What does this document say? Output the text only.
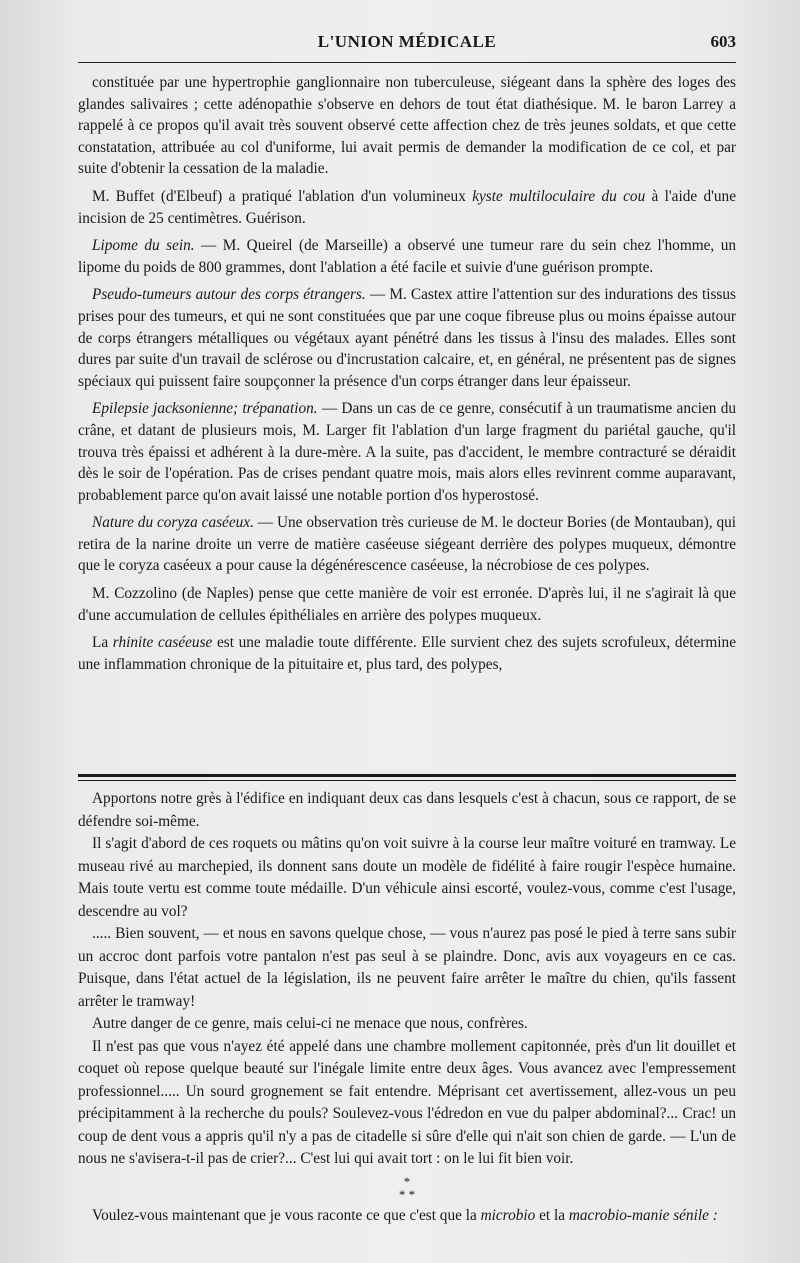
L'UNION MÉDICALE	603

constituée par une hypertrophie ganglionnaire non tuberculeuse, siégeant dans la sphère des loges des glandes salivaires ; cette adénopathie s'observe en dehors de tout état diathésique. M. le baron Larrey a rappelé à ce propos qu'il avait très souvent observé cette affection chez de très jeunes soldats, et que cette constatation, attribuée au col d'uniforme, lui avait permis de demander la modification de ce col, et par suite d'obtenir la cessation de la maladie.

M. Buffet (d'Elbeuf) a pratiqué l'ablation d'un volumineux kyste multiloculaire du cou à l'aide d'une incision de 25 centimètres. Guérison.

Lipome du sein. — M. Queirel (de Marseille) a observé une tumeur rare du sein chez l'homme, un lipome du poids de 800 grammes, dont l'ablation a été facile et suivie d'une guérison prompte.

Pseudo-tumeurs autour des corps étrangers. — M. Castex attire l'attention sur des indurations des tissus prises pour des tumeurs, et qui ne sont constituées que par une coque fibreuse plus ou moins épaisse autour de corps étrangers métalliques ou végétaux ayant pénétré dans les tissus à l'insu des malades. Elles sont dures par suite d'un travail de sclérose ou d'incrustation calcaire, et, en général, ne présentent pas de signes spéciaux qui puissent faire soupçonner la présence d'un corps étranger dans leur épaisseur.

Epilepsie jacksonienne; trépanation. — Dans un cas de ce genre, consécutif à un traumatisme ancien du crâne, et datant de plusieurs mois, M. Larger fit l'ablation d'un large fragment du pariétal gauche, qu'il trouva très épaissi et adhérent à la dure-mère. A la suite, pas d'accident, le membre contracturé se déraidit dès le soir de l'opération. Pas de crises pendant quatre mois, mais alors elles revinrent comme auparavant, probablement parce qu'on avait laissé une notable portion d'os hyperostosé.

Nature du coryza caséeux. — Une observation très curieuse de M. le docteur Bories (de Montauban), qui retira de la narine droite un verre de matière caséeuse siégeant derrière des polypes muqueux, démontre que le coryza caséeux a pour cause la dégénérescence caséeuse, la nécrobiose de ces polypes.

M. Cozzolino (de Naples) pense que cette manière de voir est erronée. D'après lui, il ne s'agirait là que d'une accumulation de cellules épithéliales en arrière des polypes muqueux.

La rhinite caséeuse est une maladie toute différente. Elle survient chez des sujets scrofuleux, détermine une inflammation chronique de la pituitaire et, plus tard, des polypes,

Apportons notre grès à l'édifice en indiquant deux cas dans lesquels c'est à chacun, sous ce rapport, de se défendre soi-même.

Il s'agit d'abord de ces roquets ou mâtins qu'on voit suivre à la course leur maître voituré en tramway. Le museau rivé au marchepied, ils donnent sans doute un modèle de fidélité à faire rougir l'espèce humaine. Mais toute vertu est comme toute médaille. D'un véhicule ainsi escorté, voulez-vous, comme c'est l'usage, descendre au vol?

..... Bien souvent, — et nous en savons quelque chose, — vous n'aurez pas posé le pied à terre sans subir un accroc dont parfois votre pantalon n'est pas seul à se plaindre. Donc, avis aux voyageurs en ce cas. Puisque, dans l'état actuel de la législation, ils ne peuvent faire arrêter le maître du chien, qu'ils fassent arrêter le tramway!

Autre danger de ce genre, mais celui-ci ne menace que nous, confrères.

Il n'est pas que vous n'ayez été appelé dans une chambre mollement capitonnée, près d'un lit douillet et coquet où repose quelque beauté sur l'inégale limite entre deux âges. Vous avancez avec l'empressement professionnel..... Un sourd grognement se fait entendre. Méprisant cet avertissement, allez-vous un peu précipitamment à la recherche du pouls? Soulevez-vous l'édredon en vue du palper abdominal?... Crac! un coup de dent vous a appris qu'il n'y a pas de citadelle si sûre d'elle qui n'ait son chien de garde. — L'un de nous ne s'avisera-t-il pas de crier?... C'est lui qui avait tort : on le lui fit bien voir.

*
* *

Voulez-vous maintenant que je vous raconte ce que c'est que la microbio et la macrobio-manie sénile :
